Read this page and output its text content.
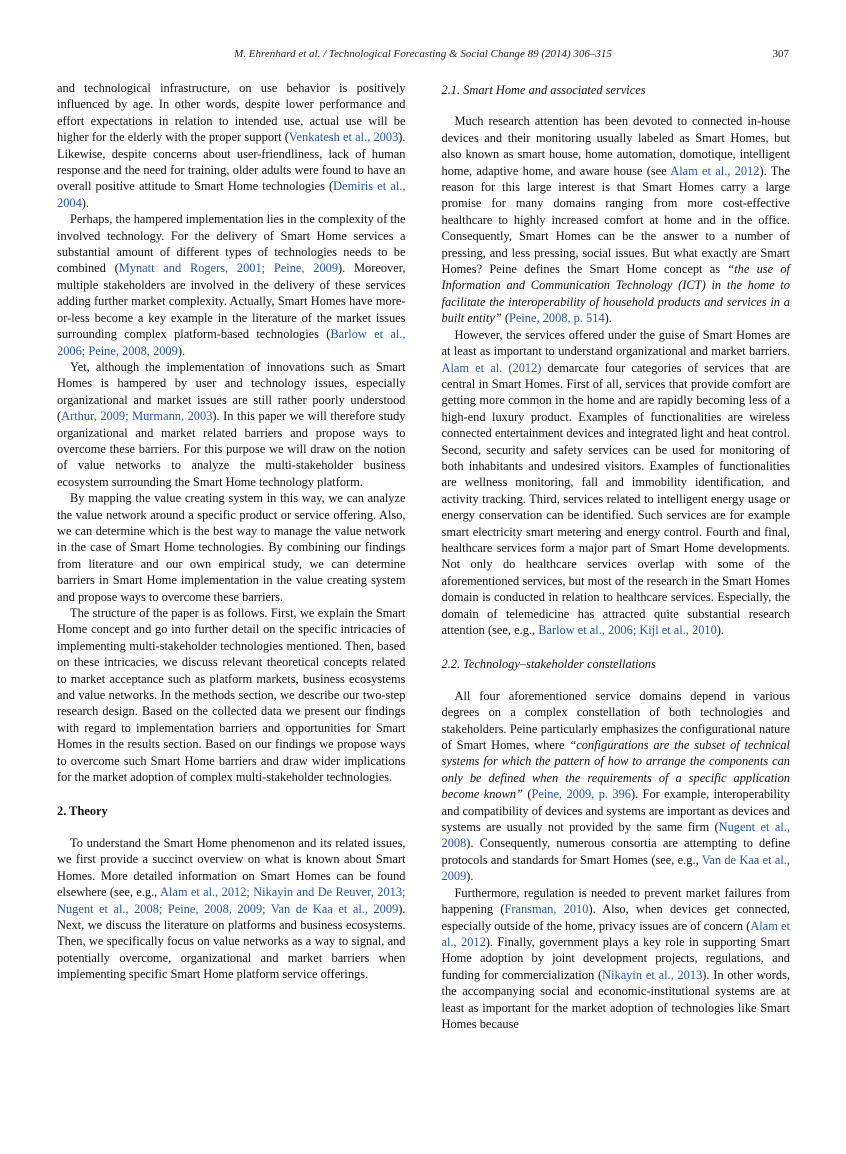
M. Ehrenhard et al. / Technological Forecasting & Social Change 89 (2014) 306–315	307

and technological infrastructure, on use behavior is positively influenced by age. In other words, despite lower performance and effort expectations in relation to intended use, actual use will be higher for the elderly with the proper support (Venkatesh et al., 2003). Likewise, despite concerns about user-friendliness, lack of human response and the need for training, older adults were found to have an overall positive attitude to Smart Home technologies (Demiris et al., 2004).

Perhaps, the hampered implementation lies in the complexity of the involved technology. For the delivery of Smart Home services a substantial amount of different types of technologies needs to be combined (Mynatt and Rogers, 2001; Peine, 2009). Moreover, multiple stakeholders are involved in the delivery of these services adding further market complexity. Actually, Smart Homes have more-or-less become a key example in the literature of the market issues surrounding complex platform-based technologies (Barlow et al., 2006; Peine, 2008, 2009).

Yet, although the implementation of innovations such as Smart Homes is hampered by user and technology issues, especially organizational and market issues are still rather poorly understood (Arthur, 2009; Murmann, 2003). In this paper we will therefore study organizational and market related barriers and propose ways to overcome these barriers. For this purpose we will draw on the notion of value networks to analyze the multi-stakeholder business ecosystem surrounding the Smart Home technology platform.

By mapping the value creating system in this way, we can analyze the value network around a specific product or service offering. Also, we can determine which is the best way to manage the value network in the case of Smart Home technologies. By combining our findings from literature and our own empirical study, we can determine barriers in Smart Home implementation in the value creating system and propose ways to overcome these barriers.

The structure of the paper is as follows. First, we explain the Smart Home concept and go into further detail on the specific intricacies of implementing multi-stakeholder technologies mentioned. Then, based on these intricacies, we discuss relevant theoretical concepts related to market acceptance such as platform markets, business ecosystems and value networks. In the methods section, we describe our two-step research design. Based on the collected data we present our findings with regard to implementation barriers and opportunities for Smart Homes in the results section. Based on our findings we propose ways to overcome such Smart Home barriers and draw wider implications for the market adoption of complex multi-stakeholder technologies.

2. Theory

To understand the Smart Home phenomenon and its related issues, we first provide a succinct overview on what is known about Smart Homes. More detailed information on Smart Homes can be found elsewhere (see, e.g., Alam et al., 2012; Nikayin and De Reuver, 2013; Nugent et al., 2008; Peine, 2008, 2009; Van de Kaa et al., 2009). Next, we discuss the literature on platforms and business ecosystems. Then, we specifically focus on value networks as a way to signal, and potentially overcome, organizational and market barriers when implementing specific Smart Home platform service offerings.

2.1. Smart Home and associated services

Much research attention has been devoted to connected in-house devices and their monitoring usually labeled as Smart Homes, but also known as smart house, home automation, domotique, intelligent home, adaptive home, and aware house (see Alam et al., 2012). The reason for this large interest is that Smart Homes carry a large promise for many domains ranging from more cost-effective healthcare to highly increased comfort at home and in the office. Consequently, Smart Homes can be the answer to a number of pressing, and less pressing, social issues. But what exactly are Smart Homes? Peine defines the Smart Home concept as “the use of Information and Communication Technology (ICT) in the home to facilitate the interoperability of household products and services in a built entity” (Peine, 2008, p. 514).

However, the services offered under the guise of Smart Homes are at least as important to understand organizational and market barriers. Alam et al. (2012) demarcate four categories of services that are central in Smart Homes. First of all, services that provide comfort are getting more common in the home and are rapidly becoming less of a high-end luxury product. Examples of functionalities are wireless connected entertainment devices and integrated light and heat control. Second, security and safety services can be used for monitoring of both inhabitants and undesired visitors. Examples of functionalities are wellness monitoring, fall and immobility identification, and activity tracking. Third, services related to intelligent energy usage or energy conservation can be identified. Such services are for example smart electricity smart metering and energy control. Fourth and final, healthcare services form a major part of Smart Home developments. Not only do healthcare services overlap with some of the aforementioned services, but most of the research in the Smart Homes domain is conducted in relation to healthcare services. Especially, the domain of telemedicine has attracted quite substantial research attention (see, e.g., Barlow et al., 2006; Kijl et al., 2010).

2.2. Technology–stakeholder constellations

All four aforementioned service domains depend in various degrees on a complex constellation of both technologies and stakeholders. Peine particularly emphasizes the configurational nature of Smart Homes, where “configurations are the subset of technical systems for which the pattern of how to arrange the components can only be defined when the requirements of a specific application become known” (Peine, 2009, p. 396). For example, interoperability and compatibility of devices and systems are important as devices and systems are usually not provided by the same firm (Nugent et al., 2008). Consequently, numerous consortia are attempting to define protocols and standards for Smart Homes (see, e.g., Van de Kaa et al., 2009).

Furthermore, regulation is needed to prevent market failures from happening (Fransman, 2010). Also, when devices get connected, especially outside of the home, privacy issues are of concern (Alam et al., 2012). Finally, government plays a key role in supporting Smart Home adoption by joint development projects, regulations, and funding for commercialization (Nikayin et al., 2013). In other words, the accompanying social and economic-institutional systems are at least as important for the market adoption of technologies like Smart Homes because
